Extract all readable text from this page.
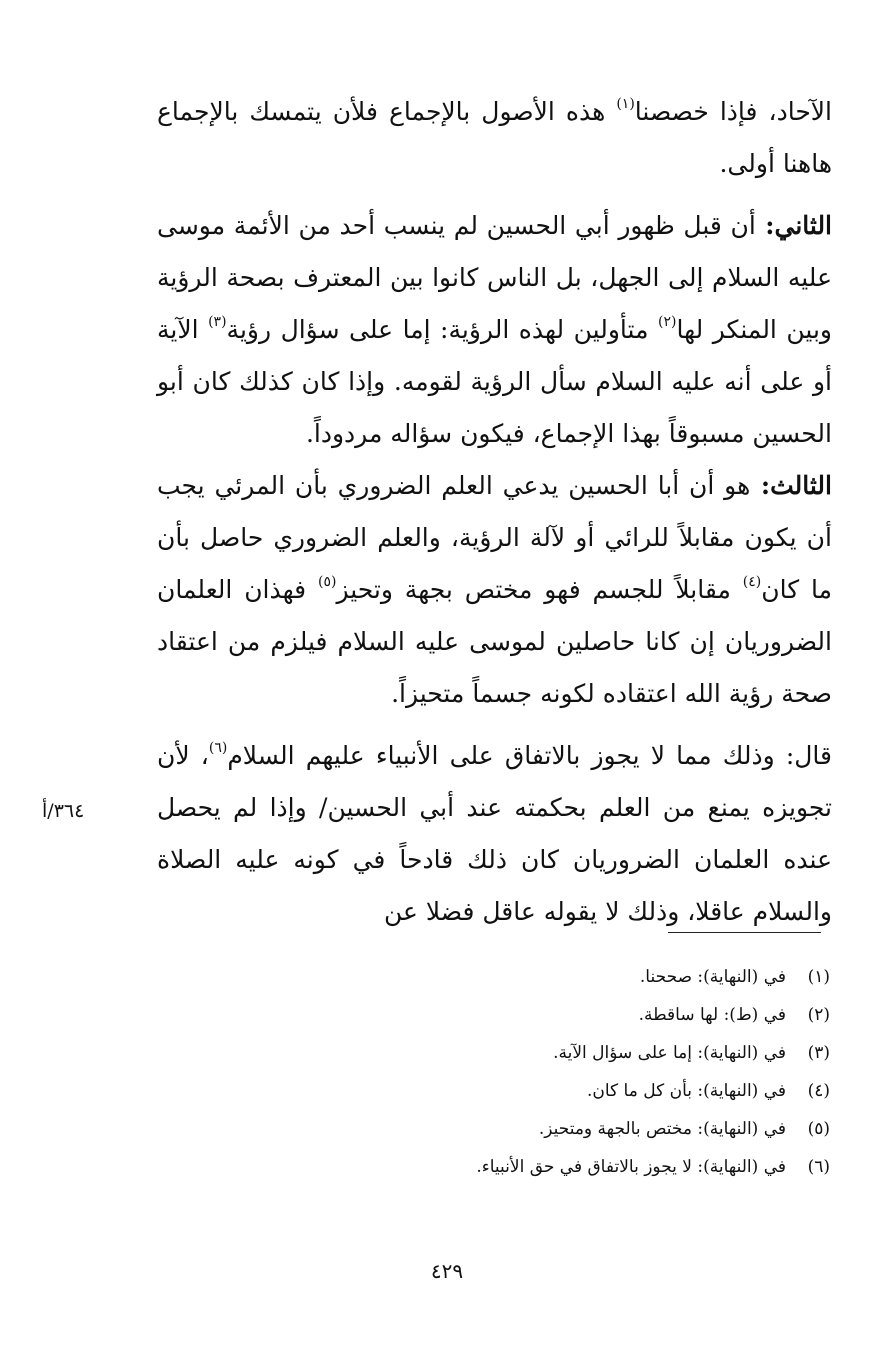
الآحاد، فإذا خصصنا$^{(١)}$ هذه الأصول بالإجماع فلأن يتمسك بالإجماع هاهنا أولى.

الثاني: أن قبل ظهور أبي الحسين لم ينسب أحد من الأئمة موسى عليه السلام إلى الجهل، بل الناس كانوا بين المعترف بصحة الرؤية وبين المنكر لها$^{(٢)}$ متأولين لهذه الرؤية: إما على سؤال رؤية$^{(٣)}$ الآية أو على أنه عليه السلام سأل الرؤية لقومه. وإذا كان كذلك كان أبو الحسين مسبوقاً بهذا الإجماع، فيكون سؤاله مردوداً.

الثالث: هو أن أبا الحسين يدعي العلم الضروري بأن المرئي يجب أن يكون مقابلاً للرائي أو لآلة الرؤية، والعلم الضروري حاصل بأن ما كان$^{(٤)}$ مقابلاً للجسم فهو مختص بجهة وتحيز$^{(٥)}$ فهذان العلمان الضروريان إن كانا حاصلين لموسى عليه السلام فيلزم من اعتقاد صحة رؤية الله اعتقاده لكونه جسماً متحيزاً.

قال: وذلك مما لا يجوز بالاتفاق على الأنبياء عليهم السلام$^{(٦)}$، لأن تجويزه يمنع من العلم بحكمته عند أبي الحسين/ وإذا لم يحصل عنده العلمان الضروريان كان ذلك قادحاً في كونه عليه الصلاة والسلام عاقلا، وذلك لا يقوله عاقل فضلا عن

٣٦٤/أ
(١)في (النهاية): صححنا.
(٢)في (ط): لها ساقطة.
(٣)في (النهاية): إما على سؤال الآية.
(٤)في (النهاية): بأن كل ما كان.
(٥)في (النهاية): مختص بالجهة ومتحيز.
(٦)في (النهاية): لا يجوز بالاتفاق في حق الأنبياء.
٤٢٩
